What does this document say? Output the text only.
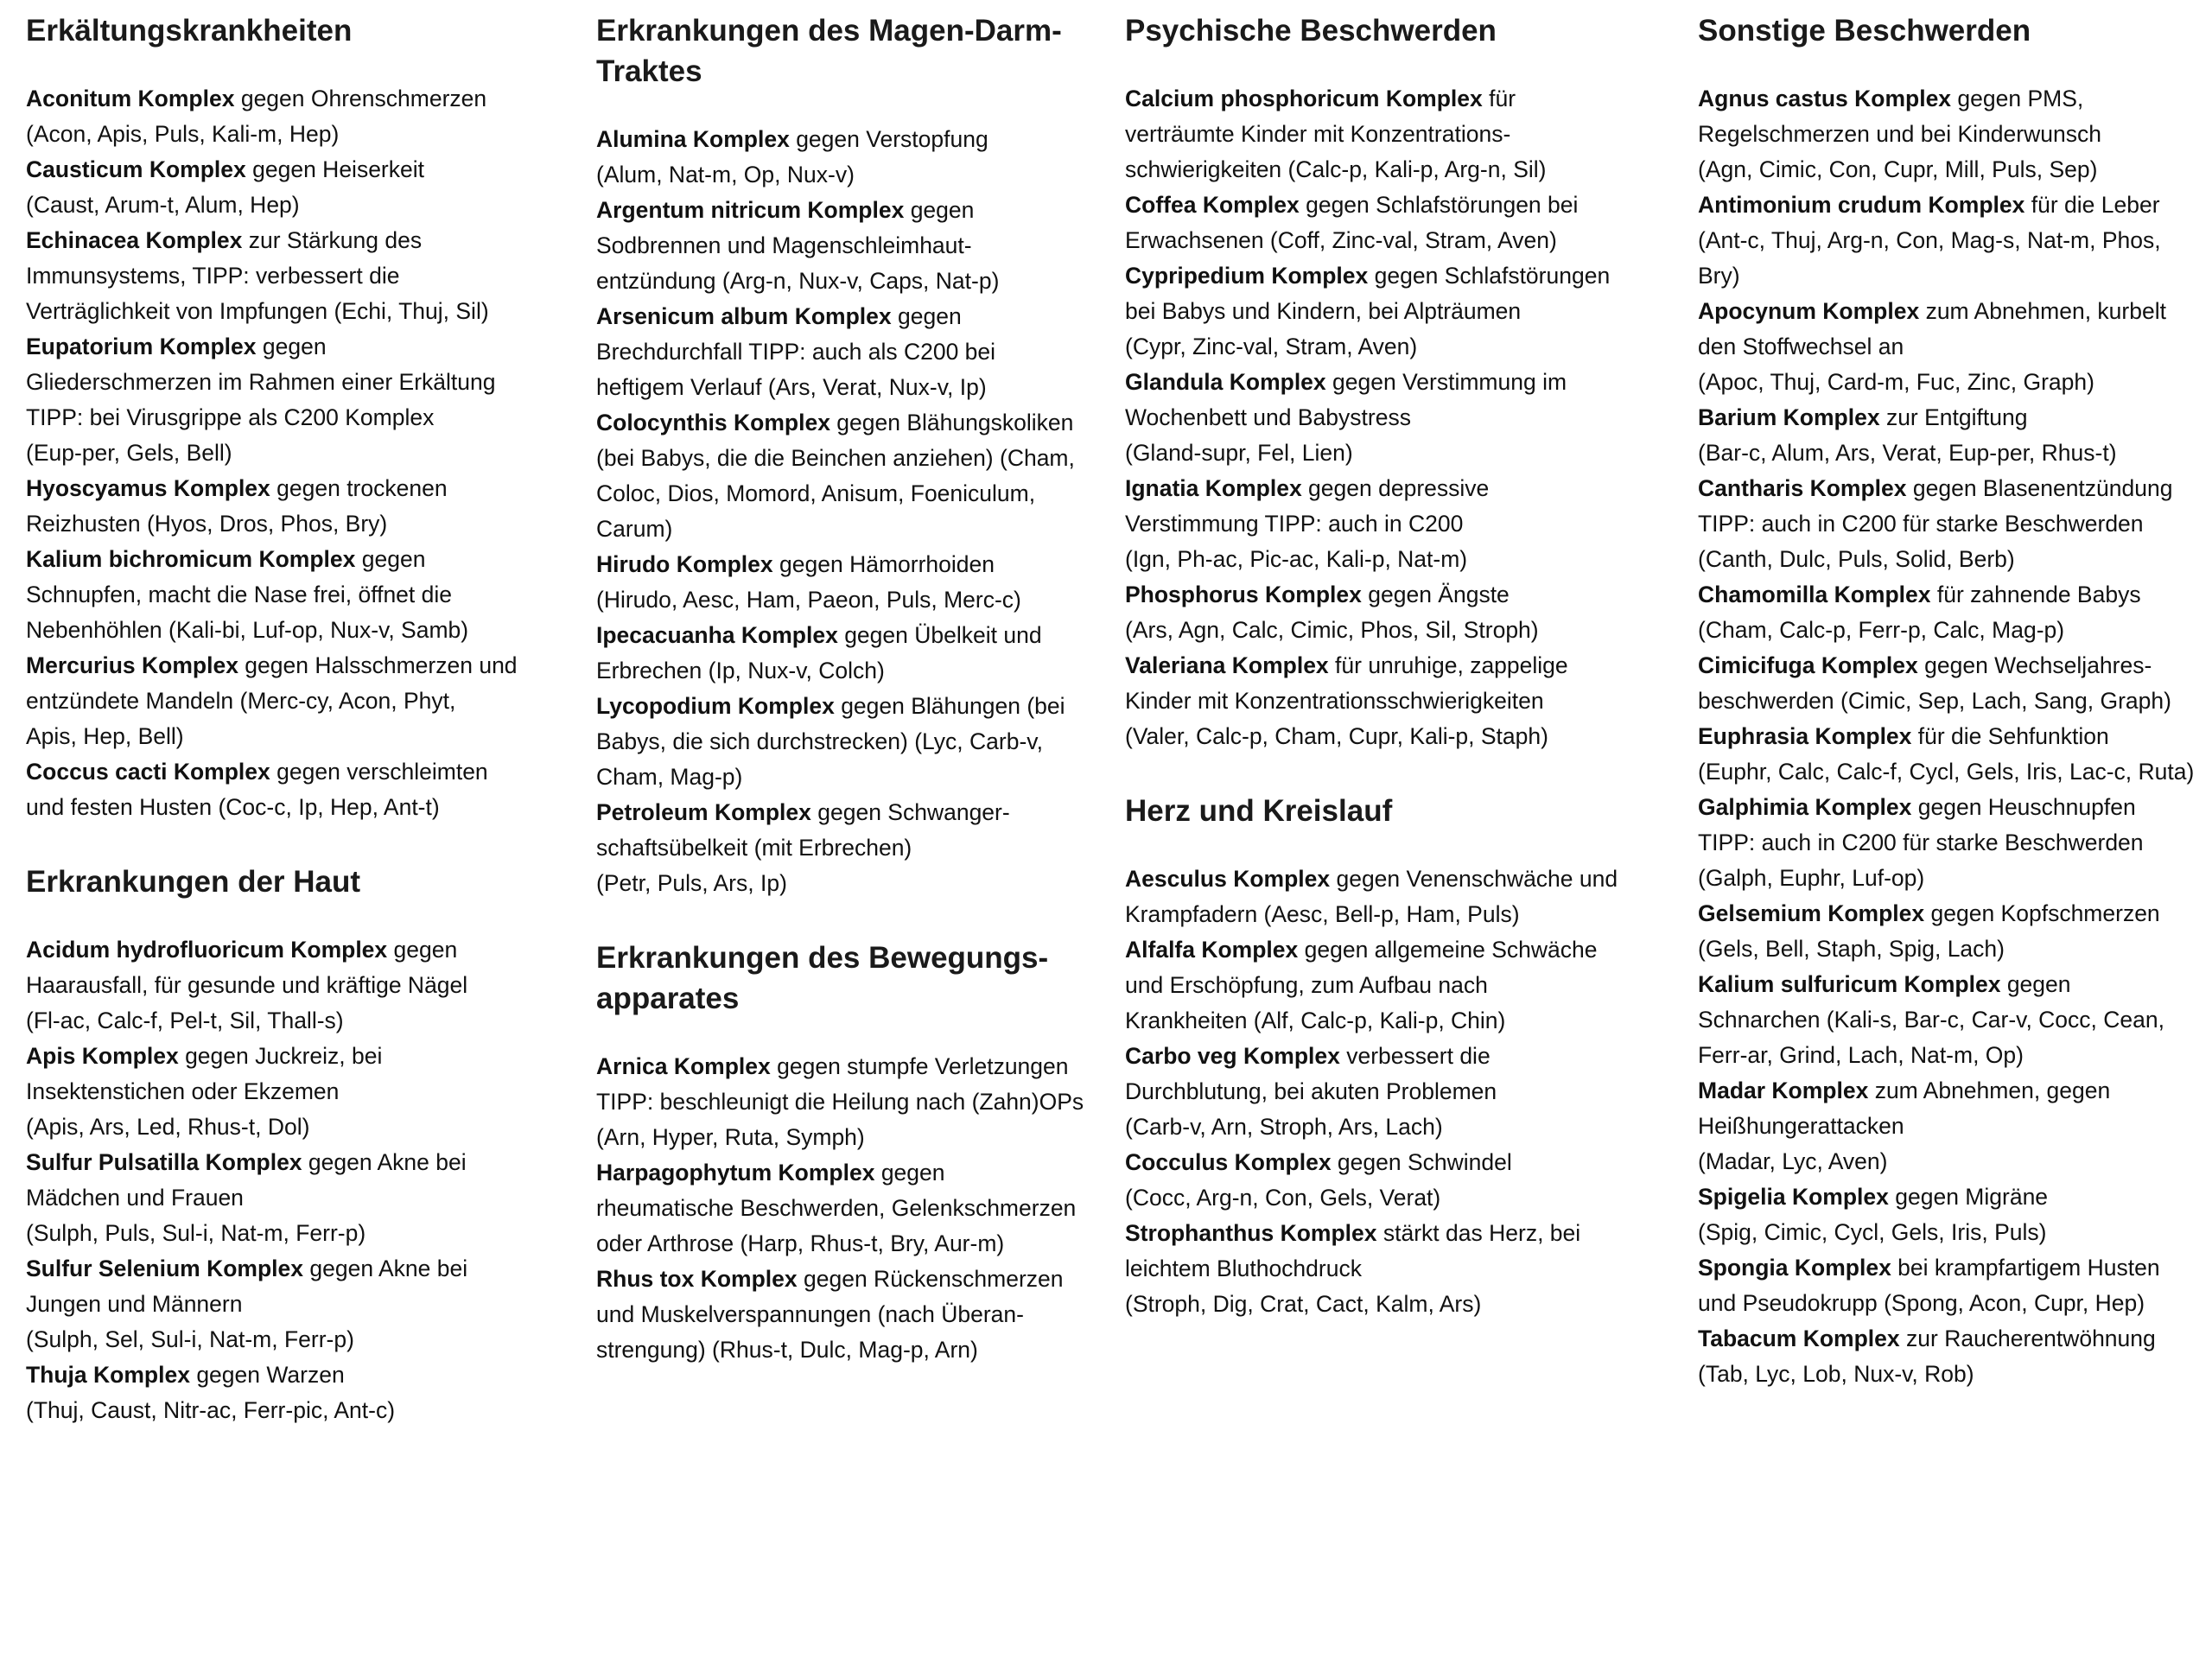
Erkältungskrankheiten

Aconitum Komplex gegen Ohrenschmerzen
(Acon, Apis, Puls, Kali-m, Hep)

Causticum Komplex gegen Heiserkeit
(Caust, Arum-t, Alum, Hep)

Echinacea Komplex zur Stärkung des
Immunsystems, TIPP: verbessert die
Verträglichkeit von Impfungen (Echi, Thuj, Sil)

Eupatorium Komplex gegen
Gliederschmerzen im Rahmen einer Erkältung
TIPP: bei Virusgrippe als C200 Komplex
(Eup-per, Gels, Bell)

Hyoscyamus Komplex gegen trockenen
Reizhusten (Hyos, Dros, Phos, Bry)

Kalium bichromicum Komplex gegen
Schnupfen, macht die Nase frei, öffnet die
Nebenhöhlen (Kali-bi, Luf-op, Nux-v, Samb)

Mercurius Komplex gegen Halsschmerzen und
entzündete Mandeln (Merc-cy, Acon, Phyt,
Apis, Hep, Bell)

Coccus cacti Komplex gegen verschleimten
und festen Husten (Coc-c, Ip, Hep, Ant-t)

Erkrankungen der Haut

Acidum hydrofluoricum Komplex gegen
Haarausfall, für gesunde und kräftige Nägel
(Fl-ac, Calc-f, Pel-t, Sil, Thall-s)

Apis Komplex gegen Juckreiz, bei
Insektenstichen oder Ekzemen
(Apis, Ars, Led, Rhus-t, Dol)

Sulfur Pulsatilla Komplex gegen Akne bei
Mädchen und Frauen
(Sulph, Puls, Sul-i, Nat-m, Ferr-p)

Sulfur Selenium Komplex gegen Akne bei
Jungen und Männern
(Sulph, Sel, Sul-i, Nat-m, Ferr-p)

Thuja Komplex gegen Warzen
(Thuj, Caust, Nitr-ac, Ferr-pic, Ant-c)

Erkrankungen des Magen-Darm-
Traktes

Alumina Komplex gegen Verstopfung
(Alum, Nat-m, Op, Nux-v)

Argentum nitricum Komplex gegen
Sodbrennen und Magenschleimhaut-
entzündung (Arg-n, Nux-v, Caps, Nat-p)

Arsenicum album Komplex gegen
Brechdurchfall TIPP: auch als C200 bei
heftigem Verlauf (Ars, Verat, Nux-v, Ip)

Colocynthis Komplex gegen Blähungskoliken
(bei Babys, die die Beinchen anziehen) (Cham,
Coloc, Dios, Momord, Anisum, Foeniculum,
Carum)

Hirudo Komplex gegen Hämorrhoiden
(Hirudo, Aesc, Ham, Paeon, Puls, Merc-c)

Ipecacuanha Komplex gegen Übelkeit und
Erbrechen (Ip, Nux-v, Colch)

Lycopodium Komplex gegen Blähungen (bei
Babys, die sich durchstrecken) (Lyc, Carb-v,
Cham, Mag-p)

Petroleum Komplex gegen Schwanger-
schaftsübelkeit (mit Erbrechen)
(Petr, Puls, Ars, Ip)

Erkrankungen des Bewegungs-
apparates

Arnica Komplex gegen stumpfe Verletzungen
TIPP: beschleunigt die Heilung nach (Zahn)OPs
(Arn, Hyper, Ruta, Symph)

Harpagophytum Komplex gegen
rheumatische Beschwerden, Gelenkschmerzen
oder Arthrose (Harp, Rhus-t, Bry, Aur-m)

Rhus tox Komplex gegen Rückenschmerzen
und Muskelverspannungen (nach Überan-
strengung) (Rhus-t, Dulc, Mag-p, Arn)

Psychische Beschwerden

Calcium phosphoricum Komplex für
verträumte Kinder mit Konzentrations-
schwierigkeiten (Calc-p, Kali-p, Arg-n, Sil)

Coffea Komplex gegen Schlafstörungen bei
Erwachsenen (Coff, Zinc-val, Stram, Aven)

Cypripedium Komplex gegen Schlafstörungen
bei Babys und Kindern, bei Alpträumen
(Cypr, Zinc-val, Stram, Aven)

Glandula Komplex gegen Verstimmung im
Wochenbett und Babystress
(Gland-supr, Fel, Lien)

Ignatia Komplex gegen depressive
Verstimmung TIPP: auch in C200
(Ign, Ph-ac, Pic-ac, Kali-p, Nat-m)

Phosphorus Komplex gegen Ängste
(Ars, Agn, Calc, Cimic, Phos, Sil, Stroph)

Valeriana Komplex für unruhige, zappelige
Kinder mit Konzentrationsschwierigkeiten
(Valer, Calc-p, Cham, Cupr, Kali-p, Staph)

Herz und Kreislauf

Aesculus Komplex gegen Venenschwäche und
Krampfadern (Aesc, Bell-p, Ham, Puls)

Alfalfa Komplex gegen allgemeine Schwäche
und Erschöpfung, zum Aufbau nach
Krankheiten (Alf, Calc-p, Kali-p, Chin)

Carbo veg Komplex verbessert die
Durchblutung, bei akuten Problemen
(Carb-v, Arn, Stroph, Ars, Lach)

Cocculus Komplex gegen Schwindel
(Cocc, Arg-n, Con, Gels, Verat)

Strophanthus Komplex stärkt das Herz, bei
leichtem Bluthochdruck
(Stroph, Dig, Crat, Cact, Kalm, Ars)

Sonstige Beschwerden

Agnus castus Komplex gegen PMS,
Regelschmerzen und bei Kinderwunsch
(Agn, Cimic, Con, Cupr, Mill, Puls, Sep)

Antimonium crudum Komplex für die Leber
(Ant-c, Thuj, Arg-n, Con, Mag-s, Nat-m, Phos,
Bry)

Apocynum Komplex zum Abnehmen, kurbelt
den Stoffwechsel an
(Apoc, Thuj, Card-m, Fuc, Zinc, Graph)

Barium Komplex zur Entgiftung
(Bar-c, Alum, Ars, Verat, Eup-per, Rhus-t)

Cantharis Komplex gegen Blasenentzündung
TIPP: auch in C200 für starke Beschwerden
(Canth, Dulc, Puls, Solid, Berb)

Chamomilla Komplex für zahnende Babys
(Cham, Calc-p, Ferr-p, Calc, Mag-p)

Cimicifuga Komplex gegen Wechseljahres-
beschwerden (Cimic, Sep, Lach, Sang, Graph)

Euphrasia Komplex für die Sehfunktion
(Euphr, Calc, Calc-f, Cycl, Gels, Iris, Lac-c, Ruta)

Galphimia Komplex gegen Heuschnupfen
TIPP: auch in C200 für starke Beschwerden
(Galph, Euphr, Luf-op)

Gelsemium Komplex gegen Kopfschmerzen
(Gels, Bell, Staph, Spig, Lach)

Kalium sulfuricum Komplex gegen
Schnarchen (Kali-s, Bar-c, Car-v, Cocc, Cean,
Ferr-ar, Grind, Lach, Nat-m, Op)

Madar Komplex zum Abnehmen, gegen
Heißhungerattacken
(Madar, Lyc, Aven)

Spigelia Komplex gegen Migräne
(Spig, Cimic, Cycl, Gels, Iris, Puls)

Spongia Komplex bei krampfartigem Husten
und Pseudokrupp (Spong, Acon, Cupr, Hep)

Tabacum Komplex zur Raucherentwöhnung
(Tab, Lyc, Lob, Nux-v, Rob)
